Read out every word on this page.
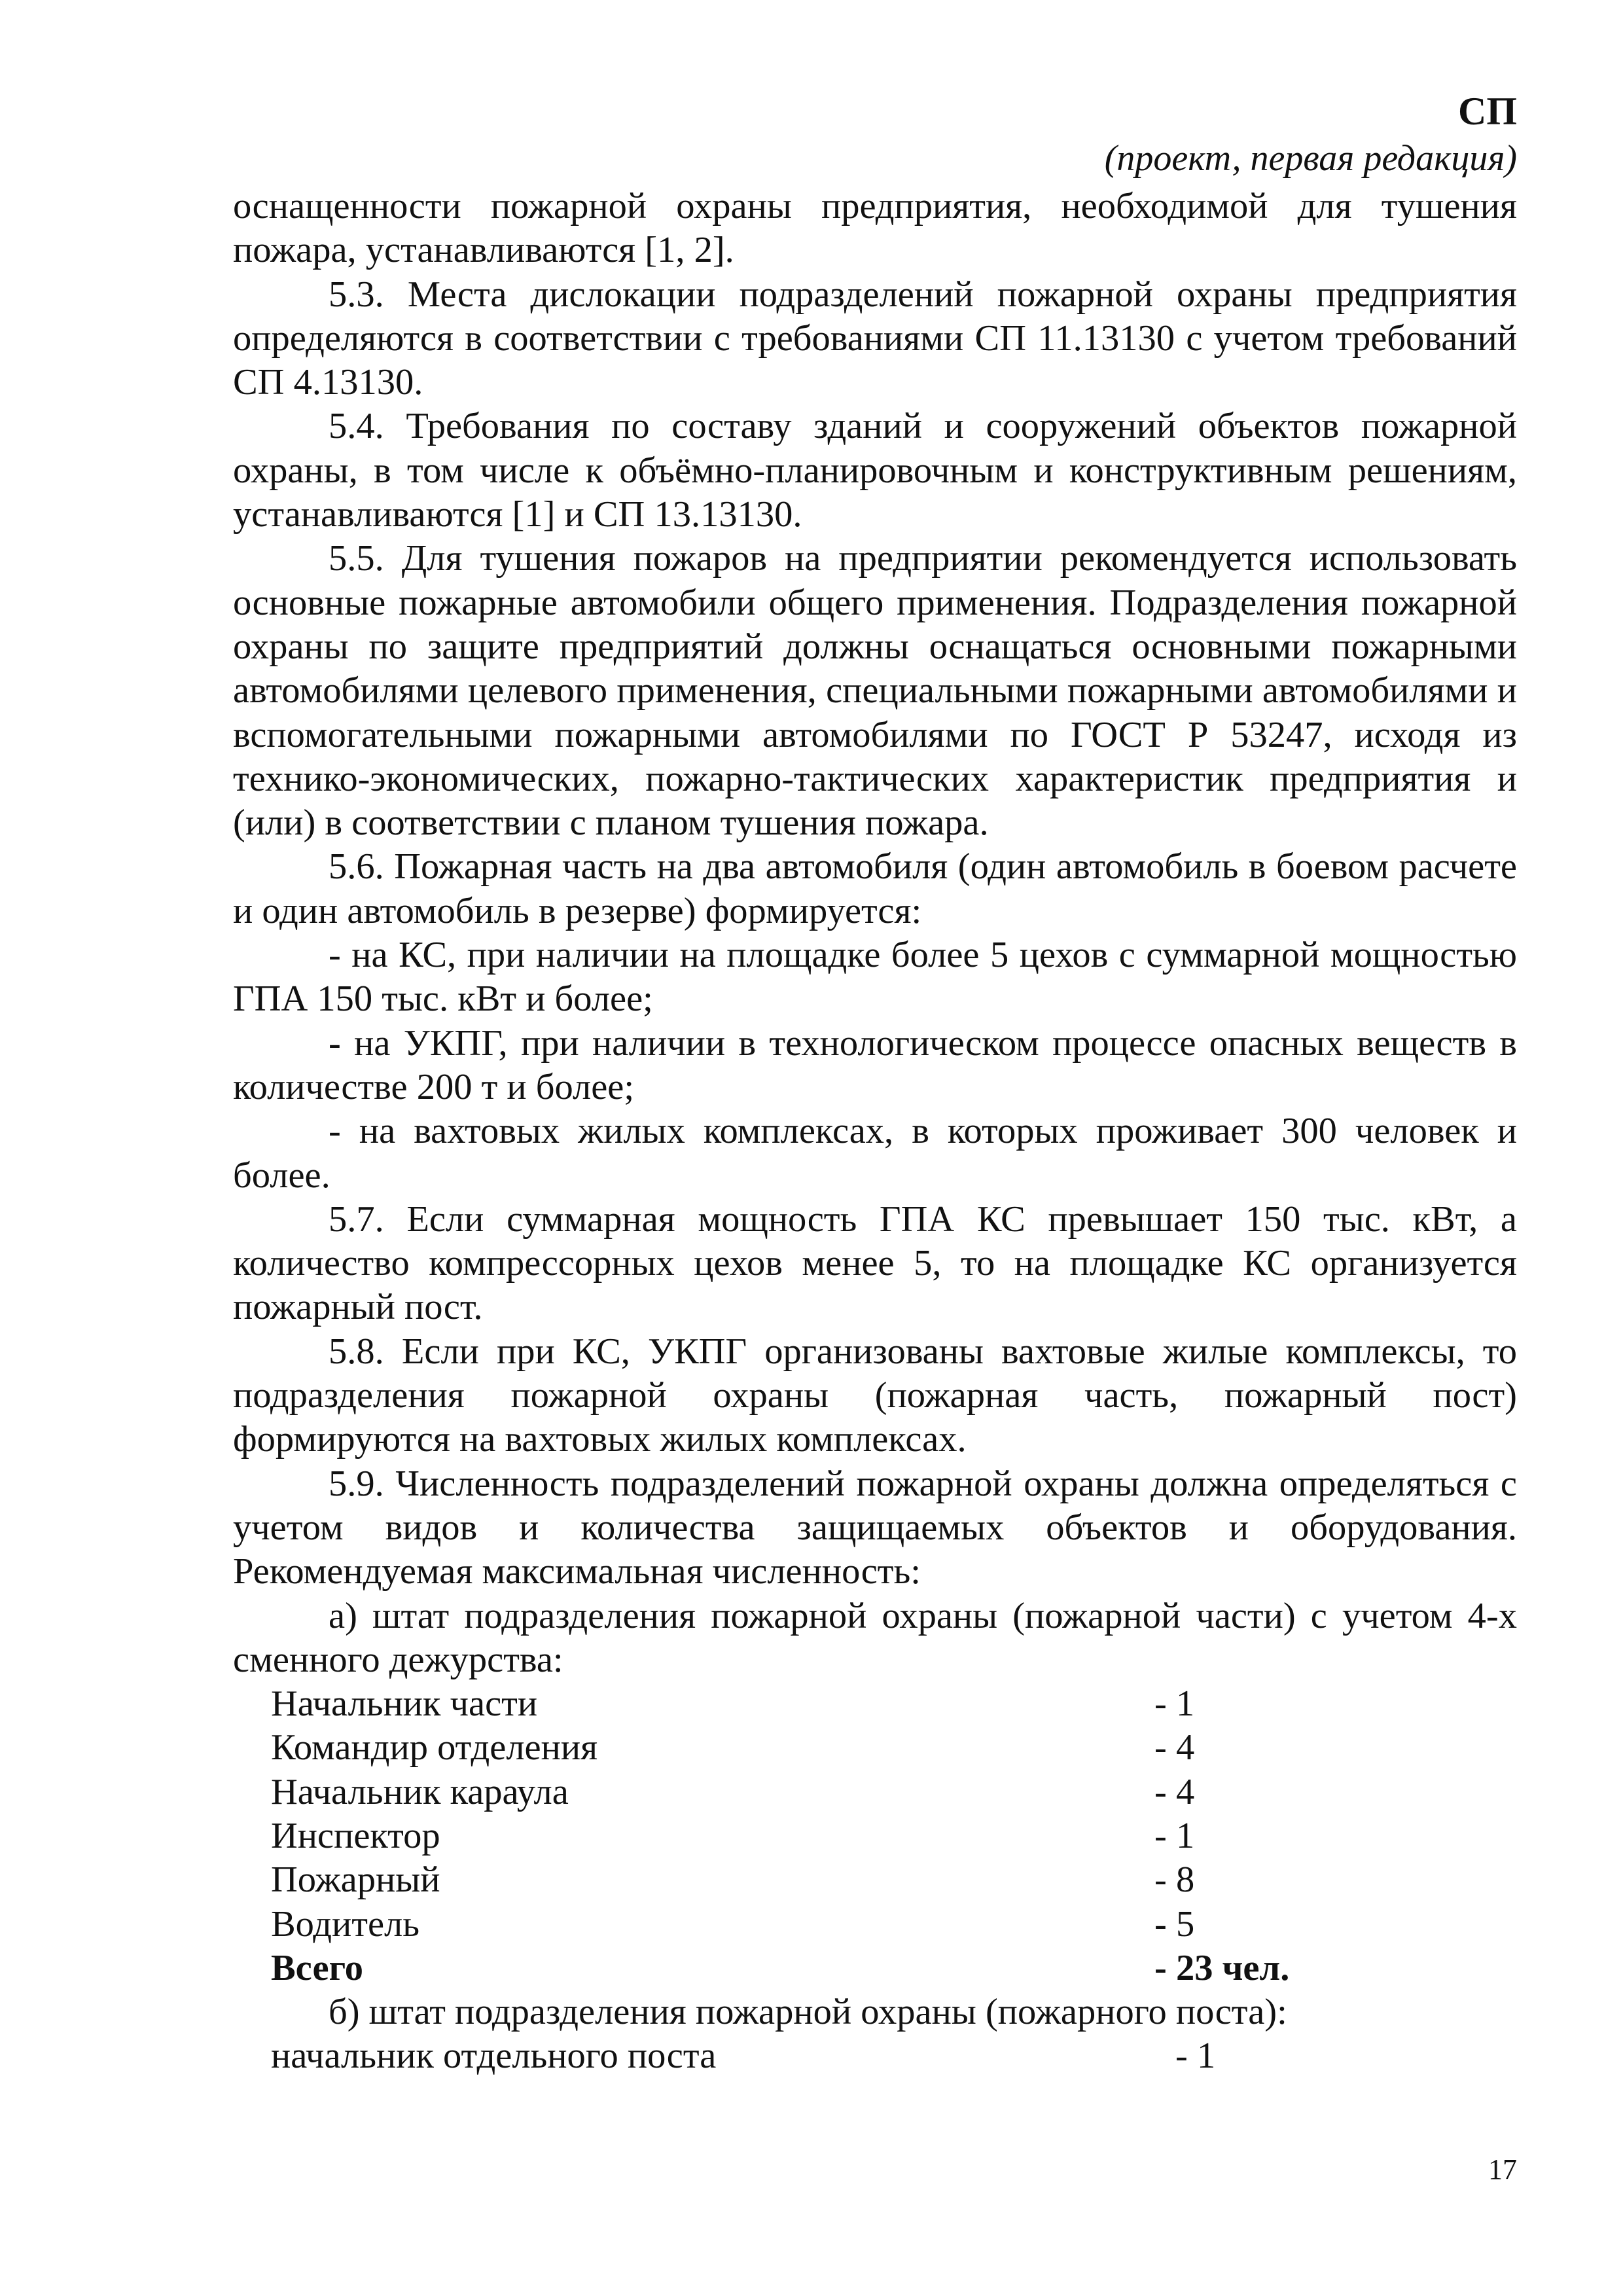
СП
(проект, первая редакция)

оснащенности пожарной охраны предприятия, необходимой для тушения пожара, устанавливаются [1, 2].

5.3. Места дислокации подразделений пожарной охраны предприятия определяются в соответствии с требованиями СП 11.13130 с учетом требований СП 4.13130.

5.4. Требования по составу зданий и сооружений объектов пожарной охраны, в том числе к объёмно-планировочным и конструктивным решениям, устанавливаются [1] и СП 13.13130.

5.5. Для тушения пожаров на предприятии рекомендуется использовать основные пожарные автомобили общего применения. Подразделения пожарной охраны по защите предприятий должны оснащаться основными пожарными автомобилями целевого применения, специальными пожарными автомобилями и вспомогательными пожарными автомобилями по ГОСТ Р 53247, исходя из технико-экономических, пожарно-тактических характеристик предприятия и (или) в соответствии с планом тушения пожара.

5.6. Пожарная часть на два автомобиля (один автомобиль в боевом расчете и один автомобиль в резерве) формируется:

- на КС, при наличии на площадке более 5 цехов с суммарной мощностью ГПА 150 тыс. кВт и более;

- на УКПГ, при наличии в технологическом процессе опасных веществ в количестве 200 т и более;

- на вахтовых жилых комплексах, в которых проживает 300 человек и более.

5.7. Если суммарная мощность ГПА КС превышает 150 тыс. кВт, а количество компрессорных цехов менее 5, то на площадке КС организуется пожарный пост.

5.8. Если при КС, УКПГ организованы вахтовые жилые комплексы, то подразделения пожарной охраны (пожарная часть, пожарный пост) формируются на вахтовых жилых комплексах.

5.9. Численность подразделений пожарной охраны должна определяться с учетом видов и количества защищаемых объектов и оборудования. Рекомендуемая максимальная численность:

а) штат подразделения пожарной охраны (пожарной части) с учетом 4-х сменного дежурства:

Начальник части	- 1
Командир отделения	- 4
Начальник караула	- 4
Инспектор	- 1
Пожарный	- 8
Водитель	- 5
Всего	- 23 чел.

б) штат подразделения пожарной охраны (пожарного поста):

начальник отдельного поста	- 1
17
